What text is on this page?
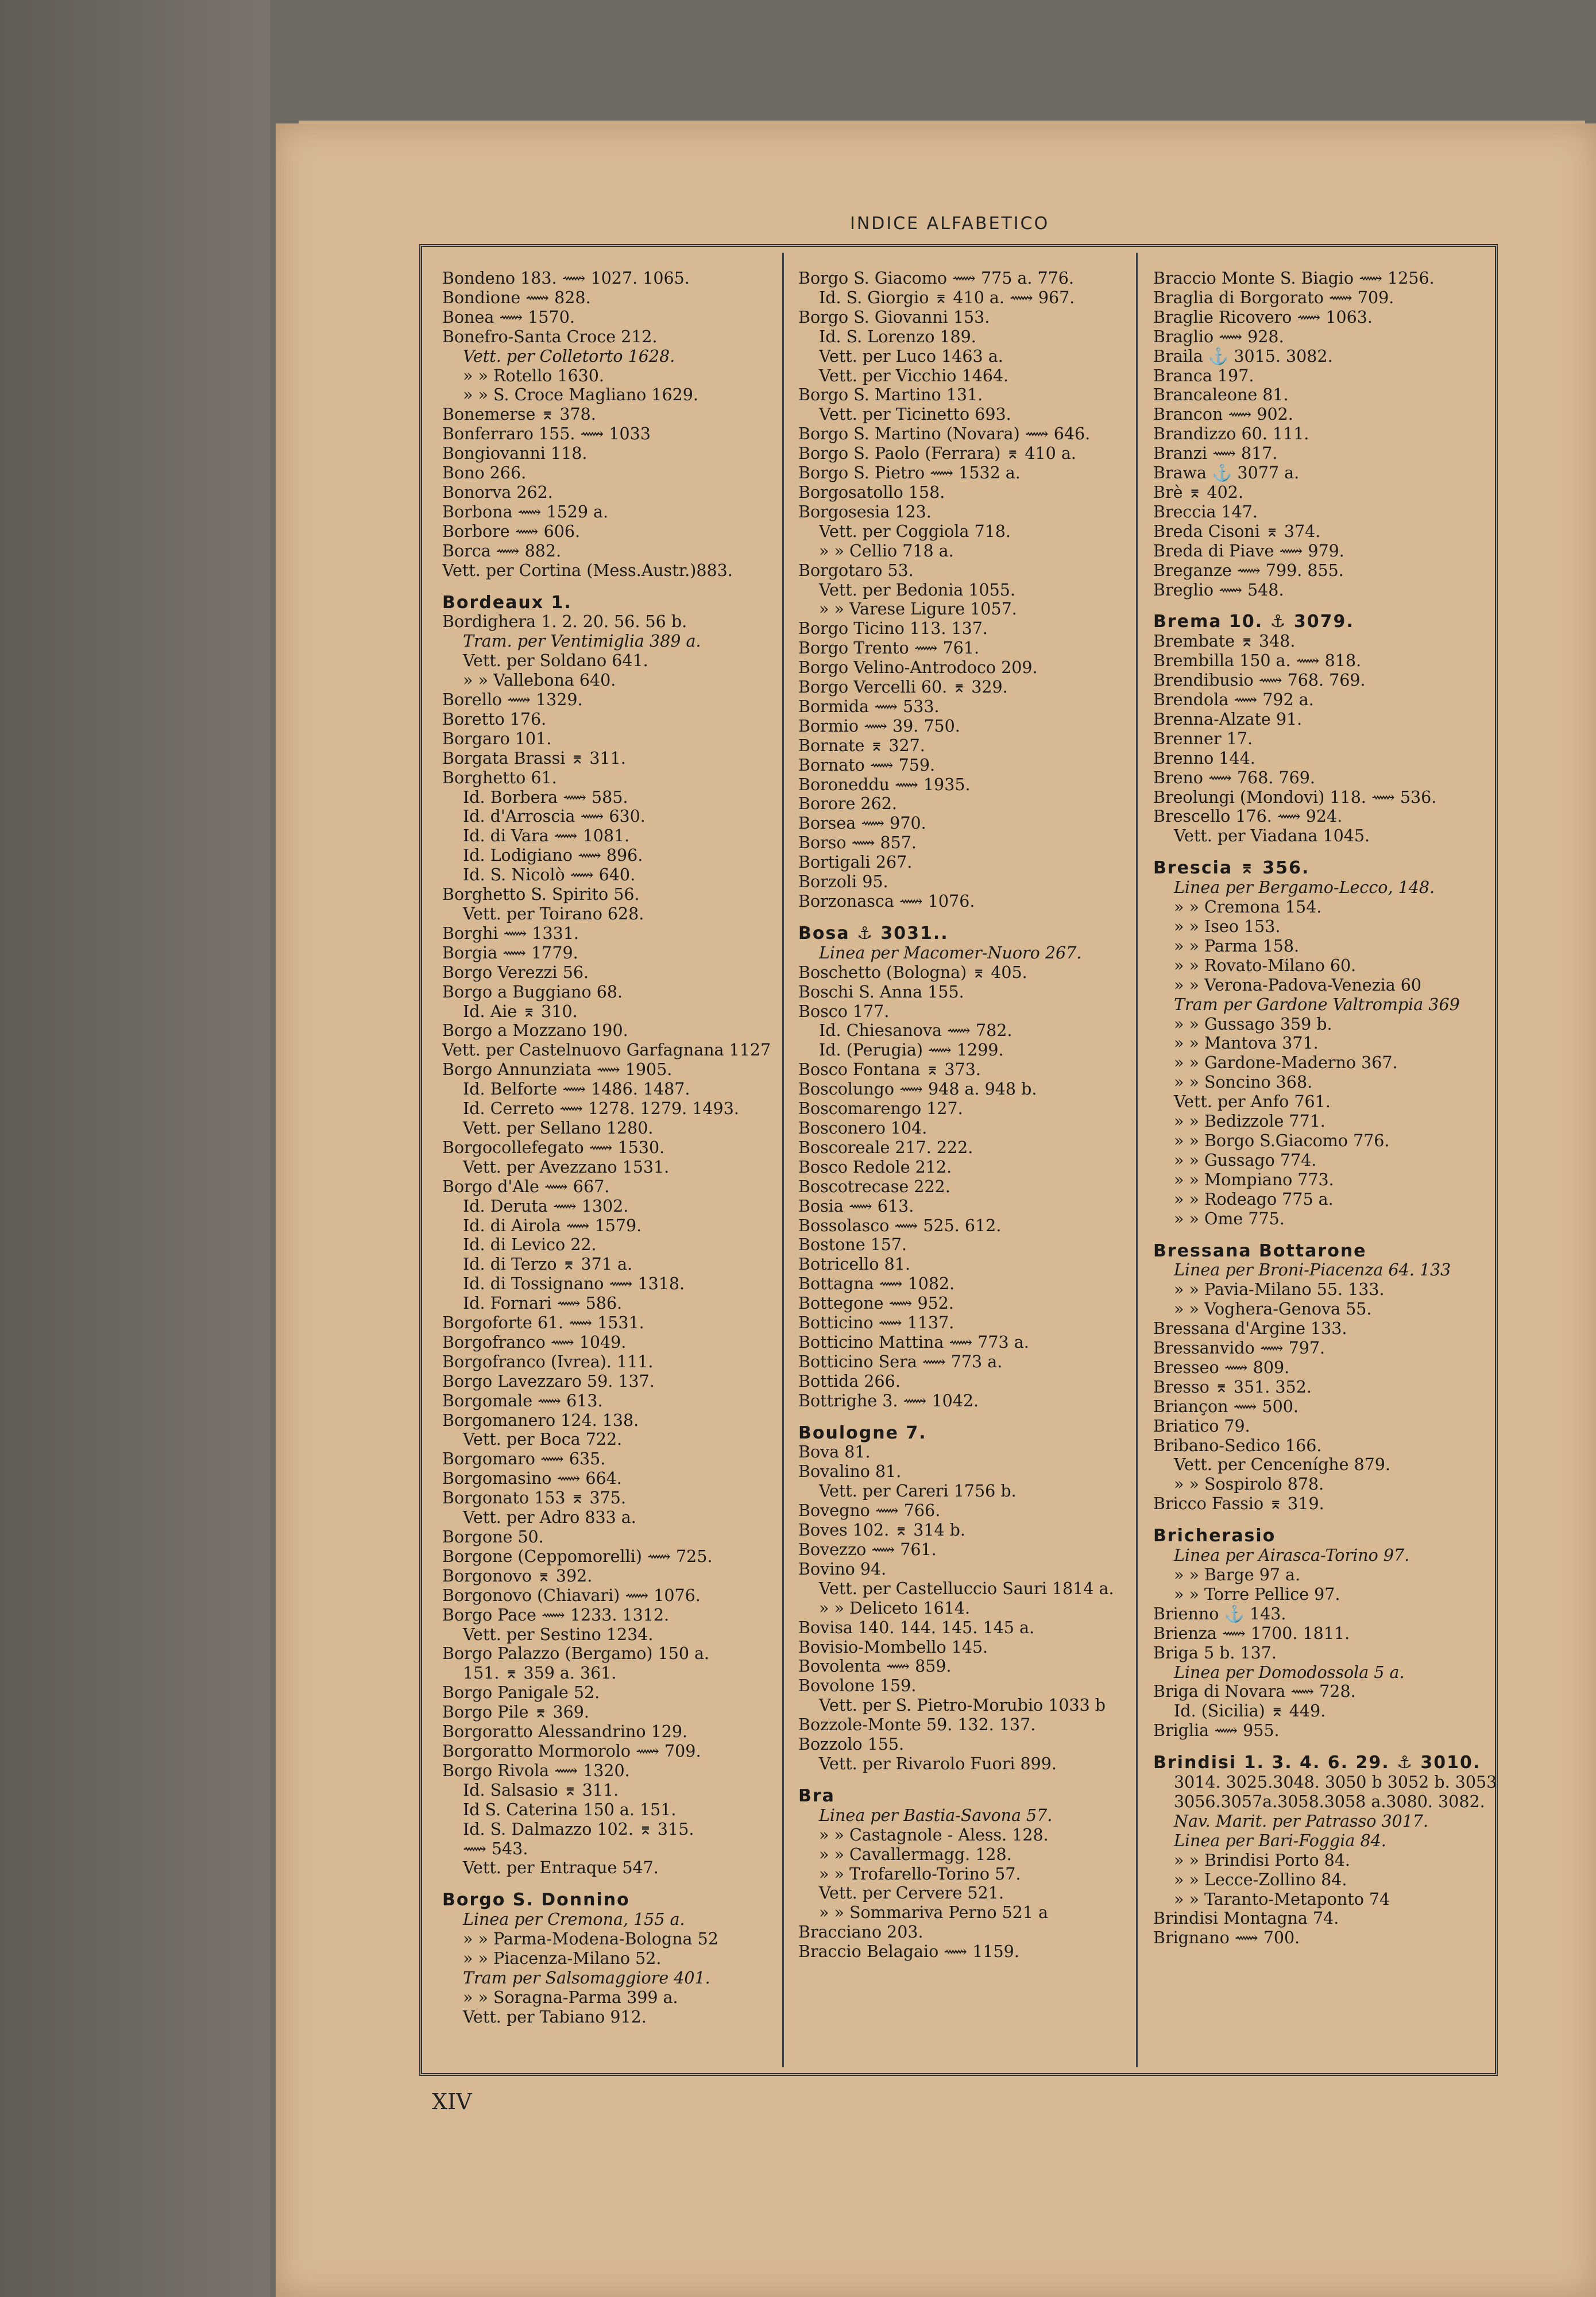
INDICE ALFABETICO
Bondeno 183. ⟿ 1027. 1065.
Bondione ⟿ 828.
Bonea ⟿ 1570.
Bonefro-Santa Croce 212.
Vett. per Colletorto 1628.
» » Rotello 1630.
» » S. Croce Magliano 1629.
Bonemerse ⌆ 378.
Bonferraro 155. ⟿ 1033
Bongiovanni 118.
Bono 266.
Bonorva 262.
Borbona ⟿ 1529 a.
Borbore ⟿ 606.
Borca ⟿ 882.
Vett. per Cortina (Mess.Austr.)883.
Bordeaux 1.
Bordighera 1. 2. 20. 56. 56 b.
Tram. per Ventimiglia 389 a.
Vett. per Soldano 641.
» » Vallebona 640.
Borello ⟿ 1329.
Boretto 176.
Borgaro 101.
Borgata Brassi ⌆ 311.
Borghetto 61.
Id. Borbera ⟿ 585.
Id. d'Arroscia ⟿ 630.
Id. di Vara ⟿ 1081.
Id. Lodigiano ⟿ 896.
Id. S. Nicolò ⟿ 640.
Borghetto S. Spirito 56.
Vett. per Toirano 628.
Borghi ⟿ 1331.
Borgia ⟿ 1779.
Borgo Verezzi 56.
Borgo a Buggiano 68.
Id. Aie ⌆ 310.
Borgo a Mozzano 190.
Vett. per Castelnuovo Garfagnana 1127
Borgo Annunziata ⟿ 1905.
Id. Belforte ⟿ 1486. 1487.
Id. Cerreto ⟿ 1278. 1279. 1493.
Vett. per Sellano 1280.
Borgocollefegato ⟿ 1530.
Vett. per Avezzano 1531.
Borgo d'Ale ⟿ 667.
Id. Deruta ⟿ 1302.
Id. di Airola ⟿ 1579.
Id. di Levico 22.
Id. di Terzo ⌆ 371 a.
Id. di Tossignano ⟿ 1318.
Id. Fornari ⟿ 586.
Borgoforte 61. ⟿ 1531.
Borgofranco ⟿ 1049.
Borgofranco (Ivrea). 111.
Borgo Lavezzaro 59. 137.
Borgomale ⟿ 613.
Borgomanero 124. 138.
Vett. per Boca 722.
Borgomaro ⟿ 635.
Borgomasino ⟿ 664.
Borgonato 153 ⌆ 375.
Vett. per Adro 833 a.
Borgone 50.
Borgone (Ceppomorelli) ⟿ 725.
Borgonovo ⌆ 392.
Borgonovo (Chiavari) ⟿ 1076.
Borgo Pace ⟿ 1233. 1312.
Vett. per Sestino 1234.
Borgo Palazzo (Bergamo) 150 a.
151. ⌆ 359 a. 361.
Borgo Panigale 52.
Borgo Pile ⌆ 369.
Borgoratto Alessandrino 129.
Borgoratto Mormorolo ⟿ 709.
Borgo Rivola ⟿ 1320.
Id. Salsasio ⌆ 311.
Id S. Caterina 150 a. 151.
Id. S. Dalmazzo 102. ⌆ 315.
⟿ 543.
Vett. per Entraque 547.
Borgo S. Donnino
Linea per Cremona, 155 a.
» » Parma-Modena-Bologna 52
» » Piacenza-Milano 52.
Tram per Salsomaggiore 401.
» » Soragna-Parma 399 a.
Vett. per Tabiano 912.
Borgo S. Giacomo ⟿ 775 a. 776.
Id. S. Giorgio ⌆ 410 a. ⟿ 967.
Borgo S. Giovanni 153.
Id. S. Lorenzo 189.
Vett. per Luco 1463 a.
Vett. per Vicchio 1464.
Borgo S. Martino 131.
Vett. per Ticinetto 693.
Borgo S. Martino (Novara) ⟿ 646.
Borgo S. Paolo (Ferrara) ⌆ 410 a.
Borgo S. Pietro ⟿ 1532 a.
Borgosatollo 158.
Borgosesia 123.
Vett. per Coggiola 718.
» » Cellio 718 a.
Borgotaro 53.
Vett. per Bedonia 1055.
» » Varese Ligure 1057.
Borgo Ticino 113. 137.
Borgo Trento ⟿ 761.
Borgo Velino-Antrodoco 209.
Borgo Vercelli 60. ⌆ 329.
Bormida ⟿ 533.
Bormio ⟿ 39. 750.
Bornate ⌆ 327.
Bornato ⟿ 759.
Boroneddu ⟿ 1935.
Borore 262.
Borsea ⟿ 970.
Borso ⟿ 857.
Bortigali 267.
Borzoli 95.
Borzonasca ⟿ 1076.
Bosa ⚓ 3031..
Linea per Macomer-Nuoro 267.
Boschetto (Bologna) ⌆ 405.
Boschi S. Anna 155.
Bosco 177.
Id. Chiesanova ⟿ 782.
Id. (Perugia) ⟿ 1299.
Bosco Fontana ⌆ 373.
Boscolungo ⟿ 948 a. 948 b.
Boscomarengo 127.
Bosconero 104.
Boscoreale 217. 222.
Bosco Redole 212.
Boscotrecase 222.
Bosia ⟿ 613.
Bossolasco ⟿ 525. 612.
Bostone 157.
Botricello 81.
Bottagna ⟿ 1082.
Bottegone ⟿ 952.
Botticino ⟿ 1137.
Botticino Mattina ⟿ 773 a.
Botticino Sera ⟿ 773 a.
Bottida 266.
Bottrighe 3. ⟿ 1042.
Boulogne 7.
Bova 81.
Bovalino 81.
Vett. per Careri 1756 b.
Bovegno ⟿ 766.
Boves 102. ⌆ 314 b.
Bovezzo ⟿ 761.
Bovino 94.
Vett. per Castelluccio Sauri 1814 a.
» » Deliceto 1614.
Bovisa 140. 144. 145. 145 a.
Bovisio-Mombello 145.
Bovolenta ⟿ 859.
Bovolone 159.
Vett. per S. Pietro-Morubio 1033 b
Bozzole-Monte 59. 132. 137.
Bozzolo 155.
Vett. per Rivarolo Fuori 899.
Bra
Linea per Bastia-Savona 57.
» » Castagnole - Aless. 128.
» » Cavallermagg. 128.
» » Trofarello-Torino 57.
Vett. per Cervere 521.
» » Sommariva Perno 521 a
Bracciano 203.
Braccio Belagaio ⟿ 1159.
Braccio Monte S. Biagio ⟿ 1256.
Braglia di Borgorato ⟿ 709.
Braglie Ricovero ⟿ 1063.
Braglio ⟿ 928.
Braila ⚓ 3015. 3082.
Branca 197.
Brancaleone 81.
Brancon ⟿ 902.
Brandizzo 60. 111.
Branzi ⟿ 817.
Brawa ⚓ 3077 a.
Brè ⌆ 402.
Breccia 147.
Breda Cisoni ⌆ 374.
Breda di Piave ⟿ 979.
Breganze ⟿ 799. 855.
Breglio ⟿ 548.
Brema 10. ⚓ 3079.
Brembate ⌆ 348.
Brembilla 150 a. ⟿ 818.
Brendibusio ⟿ 768. 769.
Brendola ⟿ 792 a.
Brenna-Alzate 91.
Brenner 17.
Brenno 144.
Breno ⟿ 768. 769.
Breolungi (Mondovi) 118. ⟿ 536.
Brescello 176. ⟿ 924.
Vett. per Viadana 1045.
Brescia ⌆ 356.
Linea per Bergamo-Lecco, 148.
» » Cremona 154.
» » Iseo 153.
» » Parma 158.
» » Rovato-Milano 60.
» » Verona-Padova-Venezia 60
Tram per Gardone Valtrompia 369
» » Gussago 359 b.
» » Mantova 371.
» » Gardone-Maderno 367.
» » Soncino 368.
Vett. per Anfo 761.
» » Bedizzole 771.
» » Borgo S.Giacomo 776.
» » Gussago 774.
» » Mompiano 773.
» » Rodeago 775 a.
» » Ome 775.
Bressana Bottarone
Linea per Broni-Piacenza 64. 133
» » Pavia-Milano 55. 133.
» » Voghera-Genova 55.
Bressana d'Argine 133.
Bressanvido ⟿ 797.
Bresseo ⟿ 809.
Bresso ⌆ 351. 352.
Briançon ⟿ 500.
Briatico 79.
Bribano-Sedico 166.
Vett. per Cenceníghe 879.
» » Sospirolo 878.
Bricco Fassio ⌆ 319.
Bricherasio
Linea per Airasca-Torino 97.
» » Barge 97 a.
» » Torre Pellice 97.
Brienno ⚓ 143.
Brienza ⟿ 1700. 1811.
Briga 5 b. 137.
Linea per Domodossola 5 a.
Briga di Novara ⟿ 728.
Id. (Sicilia) ⌆ 449.
Briglia ⟿ 955.
Brindisi 1. 3. 4. 6. 29. ⚓ 3010.
3014. 3025.3048. 3050 b 3052 b. 3053
3056.3057a.3058.3058 a.3080. 3082.
Nav. Marit. per Patrasso 3017.
Linea per Bari-Foggia 84.
» » Brindisi Porto 84.
» » Lecce-Zollino 84.
» » Taranto-Metaponto 74
Brindisi Montagna 74.
Brignano ⟿ 700.
XIV
